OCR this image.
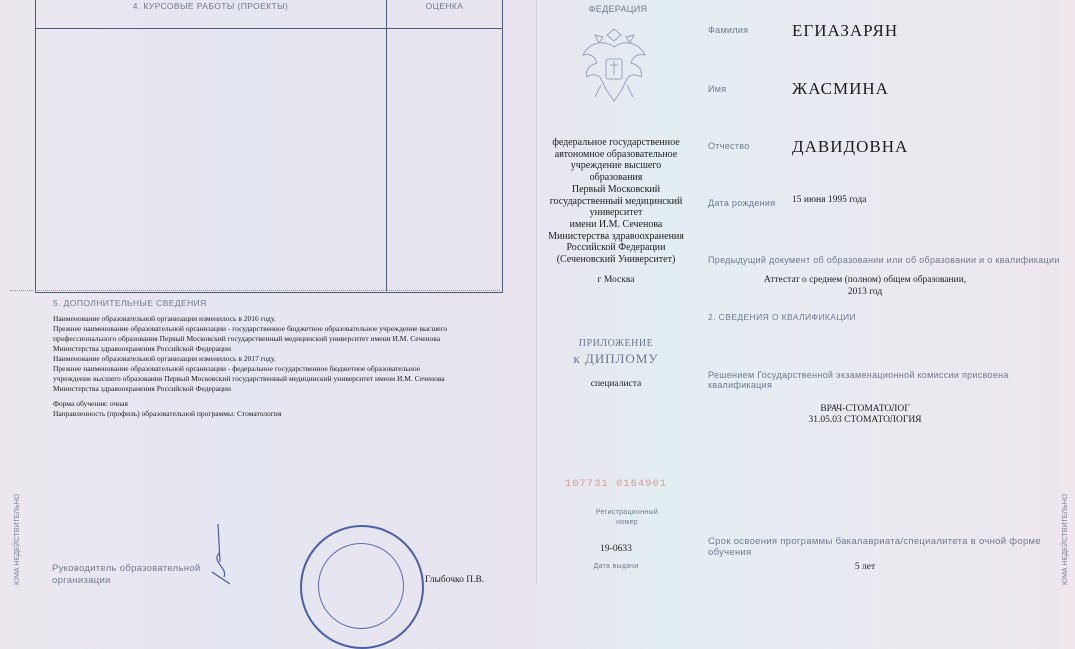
4. КУРСОВЫЕ РАБОТЫ (ПРОЕКТЫ)	ОЦЕНКА
5. ДОПОЛНИТЕЛЬНЫЕ СВЕДЕНИЯ
Наименование образовательной организации изменилось в 2016 году.
Прежнее наименование образовательной организации - государственное бюджетное образовательное учреждение высшего
профессионального образования Первый Московский государственный медицинский университет имени И.М. Сеченова
Министерства здравоохранения Российской Федерации
Наименование образовательной организации изменилось в 2017 году.
Прежнее наименование образовательной организации - федеральное государственное бюджетное образовательное
учреждение высшего образования Первый Московский государственный медицинский университет имени И.М. Сеченова
Министерства здравоохранения Российской Федерации
Форма обучения: очная
Направленность (профиль) образовательной программы: Стоматология
Руководитель образовательной
организации	Глыбочко П.В.
ЮМА НЕДЕЙСТВИТЕЛЬНО
ФЕДЕРАЦИЯ
федеральное государственное
автономное образовательное
учреждение высшего
образования
Первый Московский
государственный медицинский
университет
имени И.М. Сеченова
Министерства здравоохранения
Российской Федерации
(Сеченовский Университет)
г Москва
ПРИЛОЖЕНИЕ
к ДИПЛОМУ
специалиста
107731 0164901
Регистрационный
номер
19-0633
Дата выдачи
Фамилия	ЕГИАЗАРЯН
Имя	ЖАСМИНА
Отчество ДАВИДОВНА
Дата рождения 15 июня 1995 года
Предыдущий документ об образовании или об образовании и о квалификации
Аттестат о среднем (полном) общем образовании,
2013 год
2. СВЕДЕНИЯ О КВАЛИФИКАЦИИ
Решением Государственной экзаменационной комиссии присвоена
квалификация
ВРАЧ-СТОМАТОЛОГ
31.05.03 СТОМАТОЛОГИЯ
Срок освоения программы бакалавриата/специалитета в очной форме
обучения
5 лет	ЮМА НЕДЕЙСТВИТЕЛЬНО
